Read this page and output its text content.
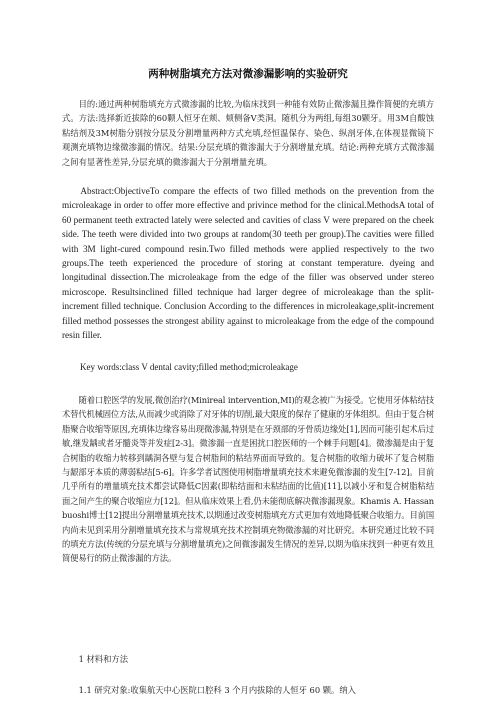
两种树脂填充方法对微渗漏影响的实验研究

目的:通过两种树脂填充方式微渗漏的比较,为临床找到一种能有效防止微渗漏且操作简便的充填方式。方法:选择新近拔除的60颗人恒牙在颊、颊侧备V类洞。随机分为两组,每组30颗牙。用3M自酸蚀粘结剂及3M树脂分别按分层及分割增量两种方式充填,经恒温保存、染色、纵剖牙体,在体视显微镜下观测充填物边缘微渗漏的情况。结果:分层充填的微渗漏大于分割增量充填。结论:两种充填方式微渗漏之间有显著性差异,分层充填的微渗漏大于分割增量充填。

Abstract:ObjectiveTo compare the effects of two filled methods on the prevention from the microleakage in order to offer more effective and privince method for the clinical.MethodsA total of 60 permanent teeth extracted lately were selected and cavities of class V were prepared on the cheek side. The teeth were divided into two groups at random(30 teeth per group).The cavities were filled with 3M light-cured compound resin.Two filled methods were applied respectively to the two groups.The teeth experienced the procedure of storing at constant temperature. dyeing and longitudinal dissection.The microleakage from the edge of the filler was observed under stereo microscope. Resultsinclined filled technique had larger degree of microleakage than the split-increment filled technique. Conclusion According to the differences in microleakage,split-increment filled method possesses the strongest ability against to microleakage from the edge of the compound resin filler.

Key words:class V dental cavity;filled method;microleakage

随着口腔医学的发展,微创治疗(Minireal intervention,MI)的观念被广为接受。它使用牙体粘结技术替代机械固位方法,从而减少或消除了对牙体的切削,最大限度的保存了健康的牙体组织。但由于复合树脂聚合收缩等原因,充填体边缘容易出现微渗漏,特别是在牙颈部的牙骨质边缘处[1],因而可能引起术后过敏,继发龋或者牙髓炎等并发症[2-3]。微渗漏一直是困扰口腔医师的一个棘手问题[4]。微渗漏是由于复合树脂的收缩力转移到龋洞各壁与复合树脂间的粘结界面而导致的。复合树脂的收缩力破坏了复合树脂与龈部牙本质的薄弱粘结[5-6]。许多学者试图使用树脂增量填充技术来避免微渗漏的发生[7-12]。目前几乎所有的增量填充技术都尝试降低C因素(即粘结面和未粘结面的比值)[11],以减小牙和复合树脂粘结面之间产生的聚合收缩应力[12]。但从临床效果上看,仍未能彻底解决微渗漏现象。Khamis A. Hassan buoshi博士[12]提出分割增量填充技术,以期通过改变树脂填充方式更加有效地降低聚合收缩力。目前国内尚未见到采用分割增量填充技术与常规填充技术控制填充物微渗漏的对比研究。本研究通过比较不同的填充方法(传统的分层充填与分割增量填充)之间微渗漏发生情况的差异,以期为临床找到一种更有效且简便易行的防止微渗漏的方法。

1 材料和方法

1.1 研究对象:收集航天中心医院口腔科 3 个月内拔除的人恒牙 60 颗。纳入
